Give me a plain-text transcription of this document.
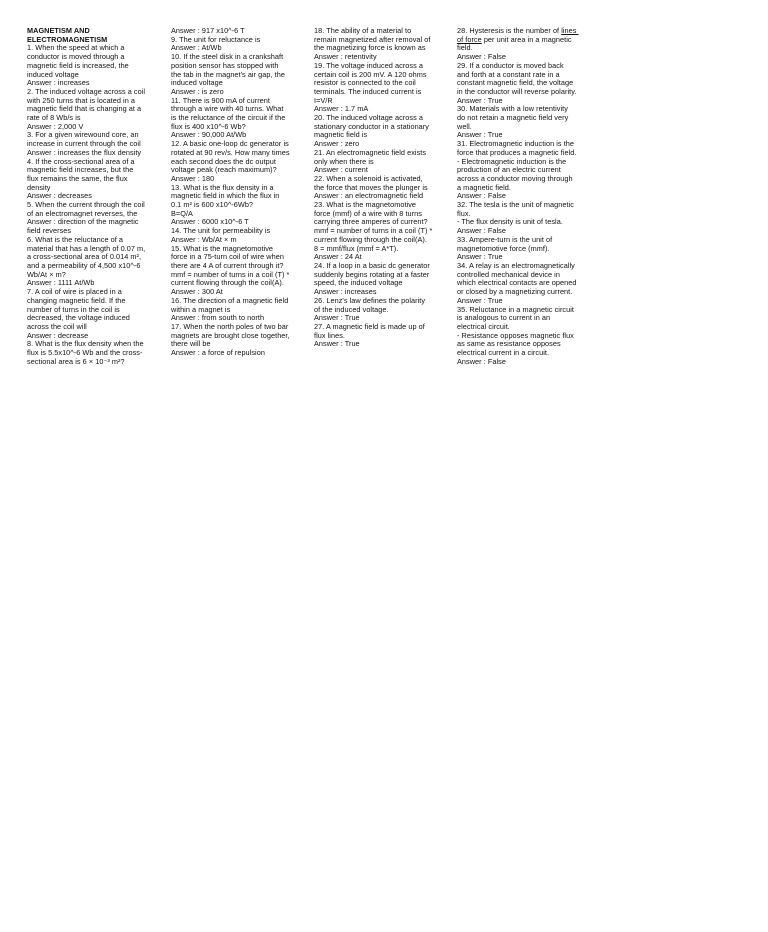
MAGNETISM AND ELECTROMAGNETISM
1. When the speed at which a conductor is moved through a magnetic field is increased, the induced voltage
Answer : increases
2. The induced voltage across a coil with 250 turns that is located in a magnetic field that is changing at a rate of 8 Wb/s is
Answer : 2,000 V
3. For a given wirewound core, an increase in current through the coil
Answer : increases the flux density
4. If the cross-sectional area of a magnetic field increases, but the flux remains the same, the flux density
Answer : decreases
5. When the current through the coil of an electromagnet reverses, the
Answer : direction of the magnetic field reverses
6. What is the reluctance of a material that has a length of 0.07 m, a cross-sectional area of 0.014 m², and a permeability of 4,500 x10^-6 Wb/At × m?
Answer : 1111 At/Wb
7. A coil of wire is placed in a changing magnetic field. If the number of turns in the coil is decreased, the voltage induced across the coil will
Answer : decrease
8. What is the flux density when the flux is 5.5x10^-6 Wb and the cross-sectional area is 6 × 10⁻³ m²?
Answer : 917 x10^-6 T
9. The unit for reluctance is
Answer : At/Wb
10. If the steel disk in a crankshaft position sensor has stopped with the tab in the magnet's air gap, the induced voltage
Answer : is zero
11. There is 900 mA of current through a wire with 40 turns. What is the reluctance of the circuit if the flux is 400 x10^-6 Wb?
Answer : 90,000 At/Wb
12. A basic one-loop dc generator is rotated at 90 rev/s. How many times each second does the dc output voltage peak (reach maximum)?
Answer : 180
13. What is the flux density in a magnetic field in which the flux in 0.1 m² is 600 x10^-6Wb?
B=Q/A
Answer : 6000 x10^-6 T
14. The unit for permeability is
Answer : Wb/At × m
15. What is the magnetomotive force in a 75-turn coil of wire when there are 4 A of current through it?
mmf = number of turns in a coil (T) * current flowing through the coil(A).
Answer : 300 At
16. The direction of a magnetic field within a magnet is
Answer : from south to north
17. When the north poles of two bar magnets are brought close together, there will be
Answer : a force of repulsion
18. The ability of a material to remain magnetized after removal of the magnetizing force is known as
Answer : retentivity
19. The voltage induced across a certain coil is 200 mV. A 120 ohms resistor is connected to the coil terminals. The induced current is
I=V/R
Answer : 1.7 mA
20. The induced voltage across a stationary conductor in a stationary magnetic field is
Answer : zero
21. An electromagnetic field exists only when there is
Answer : current
22. When a solenoid is activated, the force that moves the plunger is
Answer : an electromagnetic field
23. What is the magnetomotive force (mmf) of a wire with 8 turns carrying three amperes of current?
mmf = number of turns in a coil (T) * current flowing through the coil(A).
8 = mmf/flux (mmf = A*T).
Answer : 24 At
24. If a loop in a basic dc generator suddenly begins rotating at a faster speed, the induced voltage
Answer : increases
26. Lenz's law defines the polarity of the induced voltage.
Answer : True
27. A magnetic field is made up of flux lines.
Answer : True
28. Hysteresis is the number of lines of force per unit area in a magnetic field.
Answer : False
29. If a conductor is moved back and forth at a constant rate in a constant magnetic field, the voltage in the conductor will reverse polarity.
Answer : True
30. Materials with a low retentivity do not retain a magnetic field very well.
Answer : True
31. Electromagnetic induction is the force that produces a magnetic field.
- Electromagnetic induction is the production of an electric current across a conductor moving through a magnetic field.
Answer : False
32. The tesla is the unit of magnetic flux.
- The flux density is unit of tesla.
Answer : False
33. Ampere-turn is the unit of magnetomotive force (mmf).
Answer : True
34. A relay is an electromagnetically controlled mechanical device in which electrical contacts are opened or closed by a magnetizing current.
Answer : True
35. Reluctance in a magnetic circuit is analogous to current in an electrical circuit.
- Resistance opposes magnetic flux as same as resistance opposes electrical current in a circuit.
Answer : False
